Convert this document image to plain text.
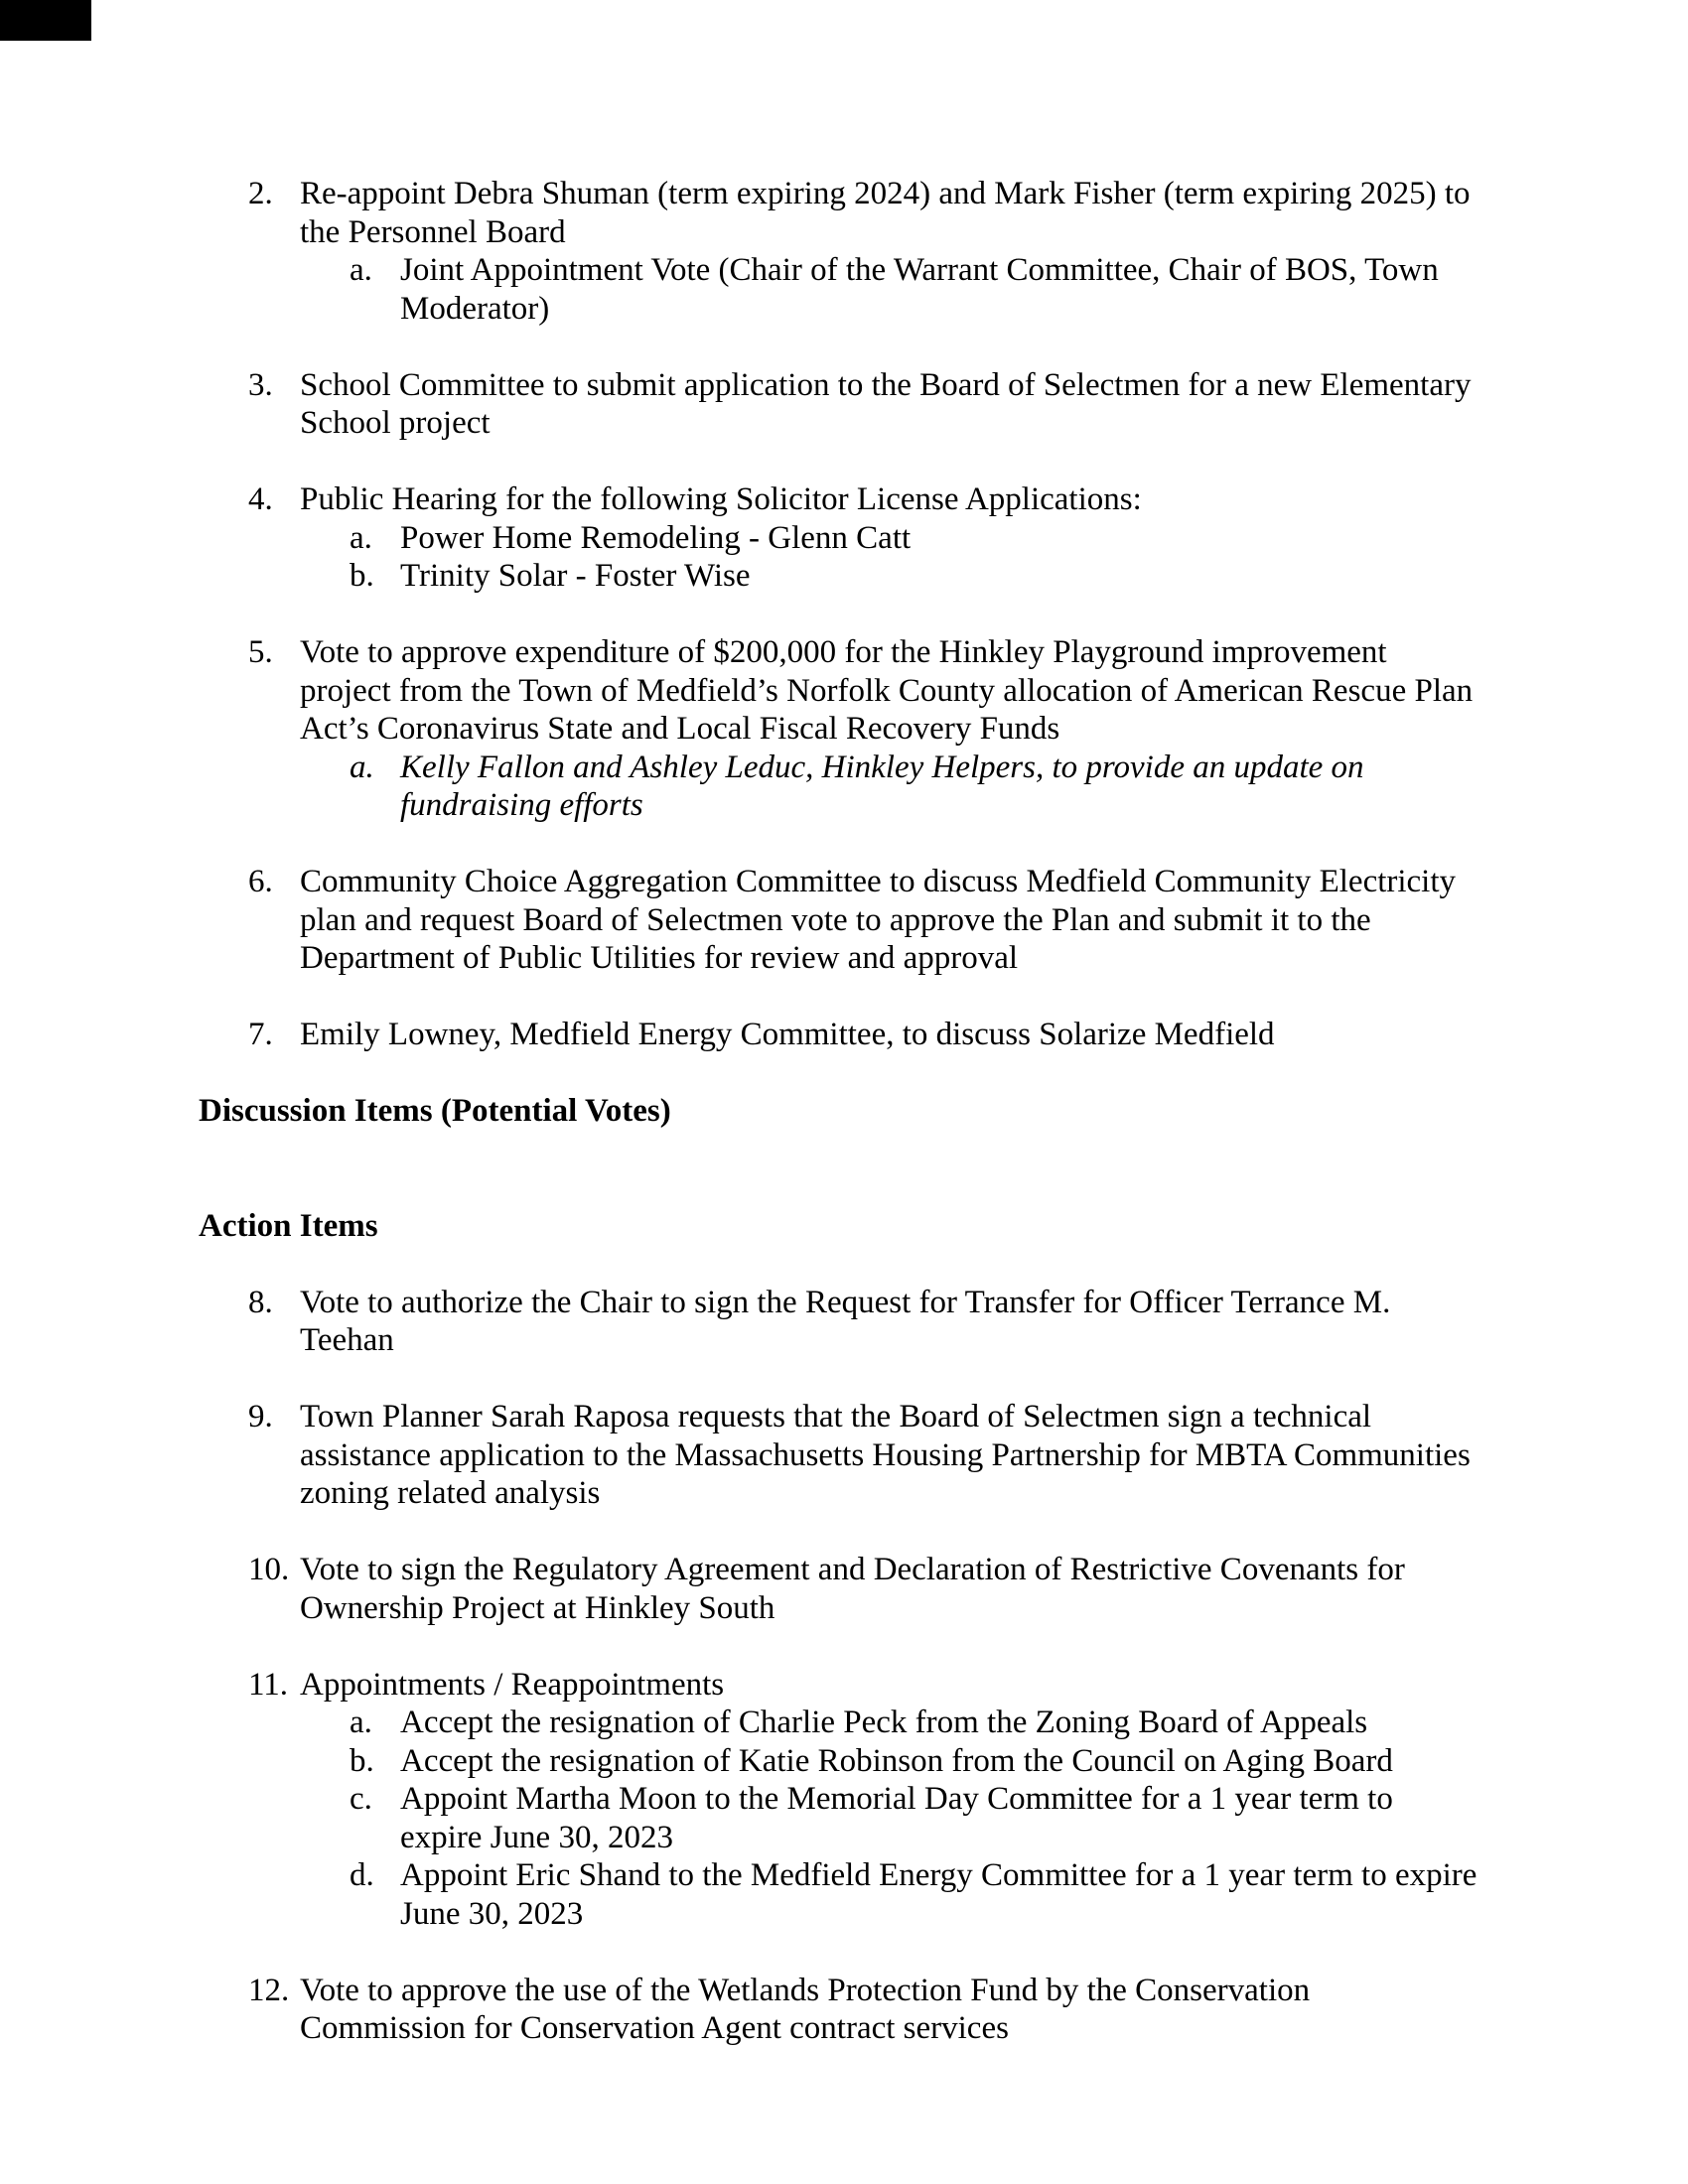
2. Re-appoint Debra Shuman (term expiring 2024) and Mark Fisher (term expiring 2025) to
the Personnel Board
a. Joint Appointment Vote (Chair of the Warrant Committee, Chair of BOS, Town
Moderator)
3. School Committee to submit application to the Board of Selectmen for a new Elementary
School project
4. Public Hearing for the following Solicitor License Applications:
a. Power Home Remodeling - Glenn Catt
b. Trinity Solar - Foster Wise
5. Vote to approve expenditure of $200,000 for the Hinkley Playground improvement
project from the Town of Medfield’s Norfolk County allocation of American Rescue Plan
Act’s Coronavirus State and Local Fiscal Recovery Funds
a. Kelly Fallon and Ashley Leduc, Hinkley Helpers, to provide an update on
fundraising efforts
6. Community Choice Aggregation Committee to discuss Medfield Community Electricity
plan and request Board of Selectmen vote to approve the Plan and submit it to the
Department of Public Utilities for review and approval
7. Emily Lowney, Medfield Energy Committee, to discuss Solarize Medfield
Discussion Items (Potential Votes)
Action Items
8. Vote to authorize the Chair to sign the Request for Transfer for Officer Terrance M.
Teehan
9. Town Planner Sarah Raposa requests that the Board of Selectmen sign a technical
assistance application to the Massachusetts Housing Partnership for MBTA Communities
zoning related analysis
10. Vote to sign the Regulatory Agreement and Declaration of Restrictive Covenants for
Ownership Project at Hinkley South
11. Appointments / Reappointments
a. Accept the resignation of Charlie Peck from the Zoning Board of Appeals
b. Accept the resignation of Katie Robinson from the Council on Aging Board
c. Appoint Martha Moon to the Memorial Day Committee for a 1 year term to
expire June 30, 2023
d. Appoint Eric Shand to the Medfield Energy Committee for a 1 year term to expire
June 30, 2023
12. Vote to approve the use of the Wetlands Protection Fund by the Conservation
Commission for Conservation Agent contract services
